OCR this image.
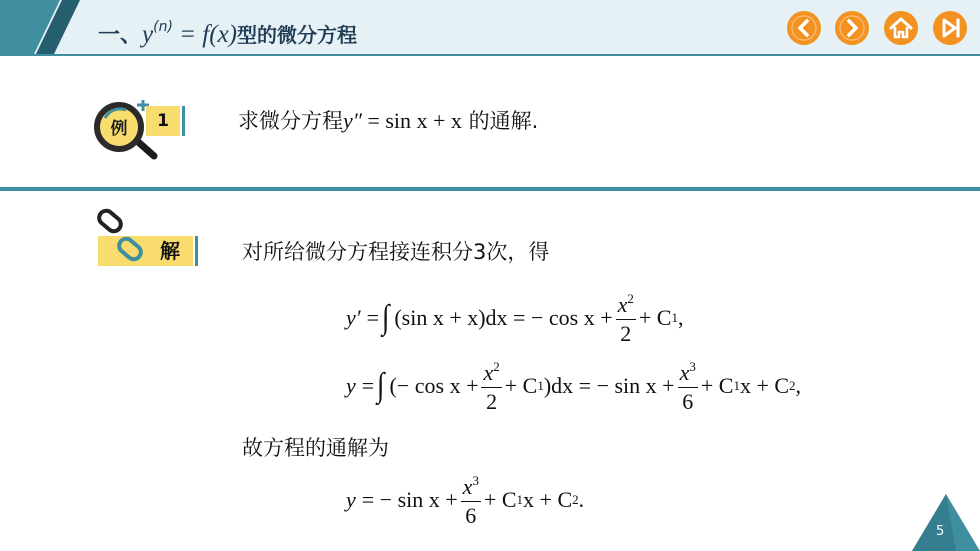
一、$y^{(n)} = f(x)$型的微分方程
例	1	求微分方程y″ = sin x + x 的通解.
解	对所给微分方程接连积分3次，得
y′ = ∫ (sin x + x)dx = − $\cos x + \frac{x^2}{2} + C$ 1 ,
y = ∫ (− $\cos x + \frac{x^2}{2} + C$ 1 )dx = − $\sin x + \frac{x^3}{6} + C$ 1 x + C 2 ,
故方程的通解为
y = − $\sin x + \frac{x^3}{6} + C$ 1 x + C 2 .
5
